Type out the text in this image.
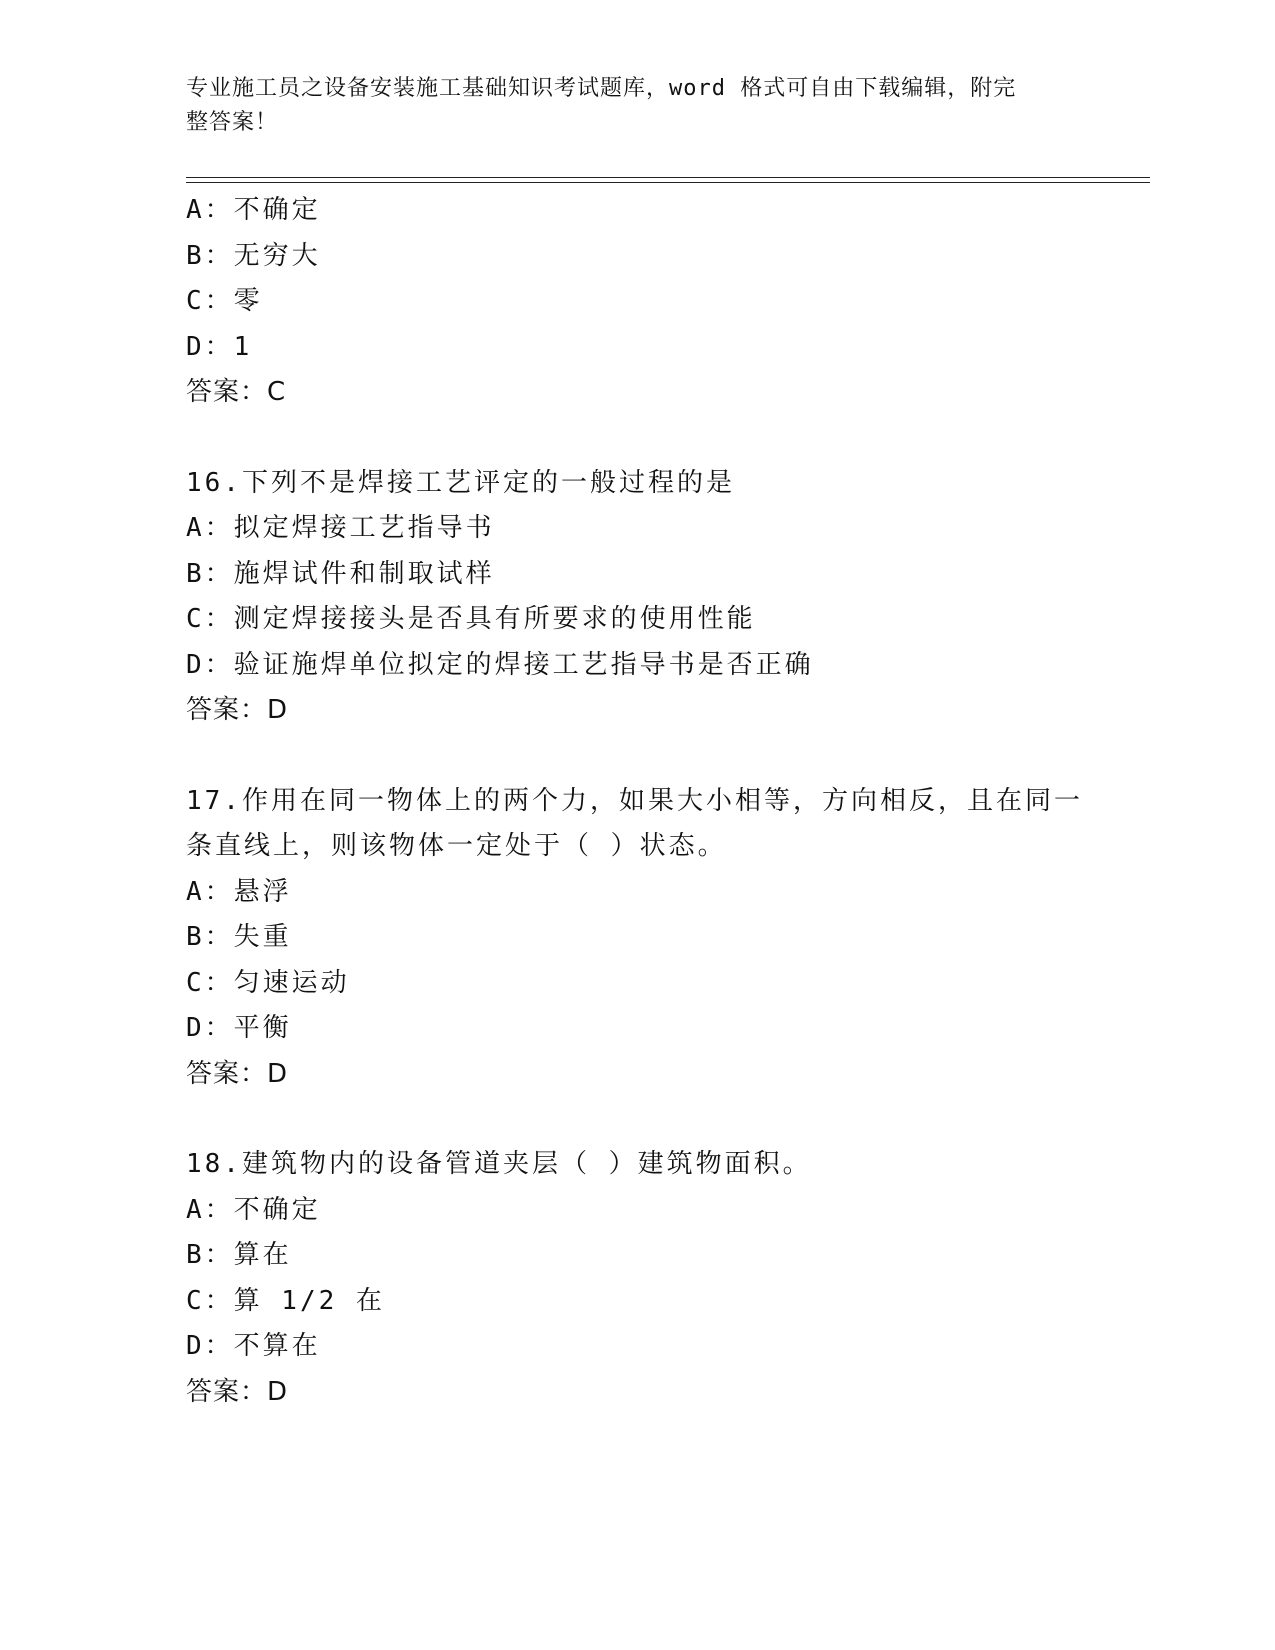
专业施工员之设备安装施工基础知识考试题库，word 格式可自由下载编辑，附完
整答案！
A：不确定
B：无穷大
C：零
D：1
答案：C
16.下列不是焊接工艺评定的一般过程的是
A：拟定焊接工艺指导书
B：施焊试件和制取试样
C：测定焊接接头是否具有所要求的使用性能
D：验证施焊单位拟定的焊接工艺指导书是否正确
答案：D
17.作用在同一物体上的两个力，如果大小相等，方向相反，且在同一
条直线上，则该物体一定处于（ ）状态。
A：悬浮
B：失重
C：匀速运动
D：平衡
答案：D
18.建筑物内的设备管道夹层（ ）建筑物面积。
A：不确定
B：算在
C：算 1/2 在
D：不算在
答案：D
